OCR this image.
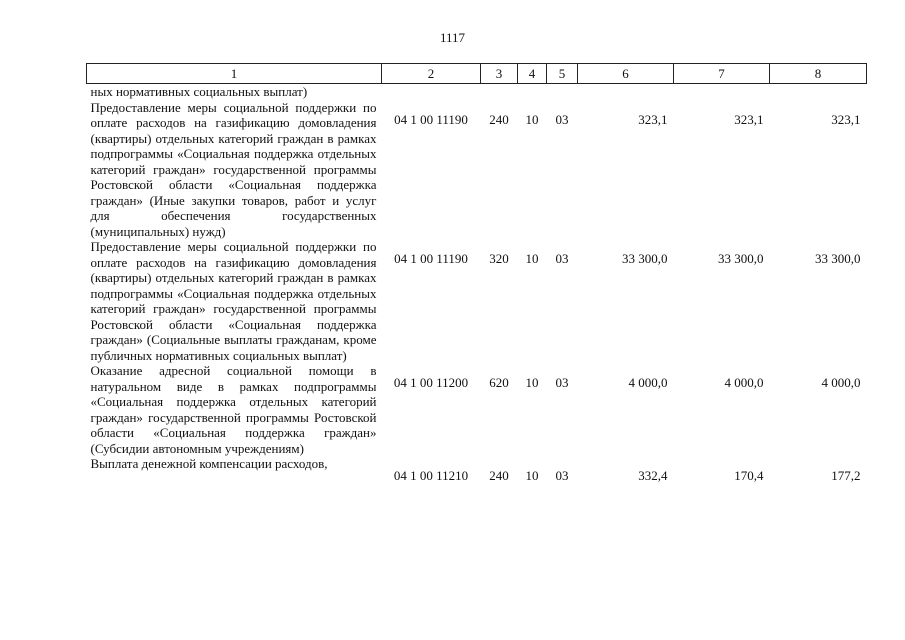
1117
1	2	3	4	5	6	7	8
ных нормативных социальных выплат)							
Предоставление меры социальной поддержки по оплате расходов на газификацию домовладения (квартиры) отдельных категорий граждан в рамках подпрограммы «Социальная поддержка отдельных категорий граждан» государственной программы Ростовской области «Социальная поддержка граждан» (Иные закупки товаров, работ и услуг для обеспечения государственных (муниципальных) нужд)	04 1 00 11190	240	10	03	323,1	323,1	323,1
Предоставление меры социальной поддержки по оплате расходов на газификацию домовладения (квартиры) отдельных категорий граждан в рамках подпрограммы «Социальная поддержка отдельных категорий граждан» государственной программы Ростовской области «Социальная поддержка граждан» (Социальные выплаты гражданам, кроме публичных нормативных социальных выплат)	04 1 00 11190	320	10	03	33 300,0	33 300,0	33 300,0
Оказание адресной социальной помощи в натуральном виде в рамках подпрограммы «Социальная поддержка отдельных категорий граждан» государственной программы Ростовской области «Социальная поддержка граждан» (Субсидии автономным учреждениям)	04 1 00 11200	620	10	03	4 000,0	4 000,0	4 000,0
Выплата денежной компенсации расходов,	04 1 00 11210	240	10	03	332,4	170,4	177,2
